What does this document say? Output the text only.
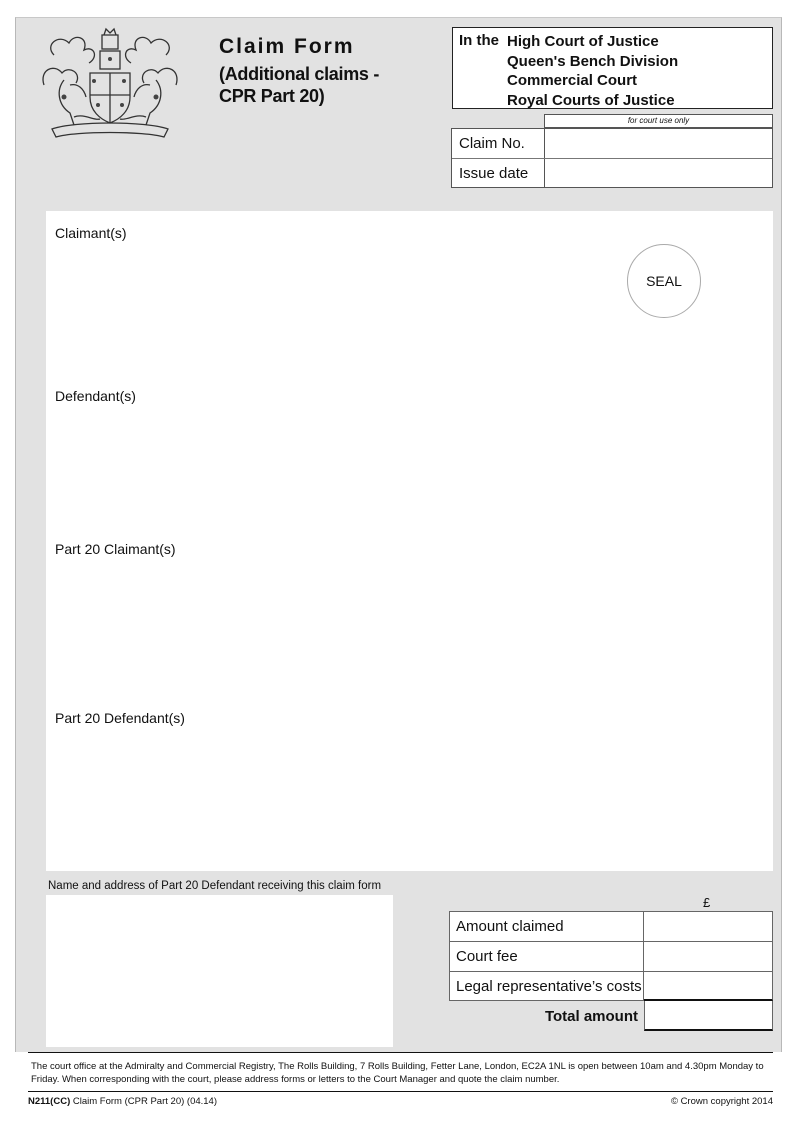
Claim Form
(Additional claims -
CPR Part 20)
In the High Court of Justice
Queen's Bench Division
Commercial Court
Royal Courts of Justice
for court use only
Claim No.
Issue date
Claimant(s)
SEAL
Defendant(s)
Part 20 Claimant(s)
Part 20 Defendant(s)
Name and address of Part 20 Defendant receiving this claim form
£
Amount claimed
Court fee
Legal representative’s costs
Total amount
The court office at the Admiralty and Commercial Registry, The Rolls Building, 7 Rolls Building, Fetter Lane, London, EC2A 1NL is open between 10am and 4.30pm Monday to Friday. When corresponding with the court, please address forms or letters to the Court Manager and quote the claim number.
N211(CC) Claim Form (CPR Part 20) (04.14)	© Crown copyright 2014
